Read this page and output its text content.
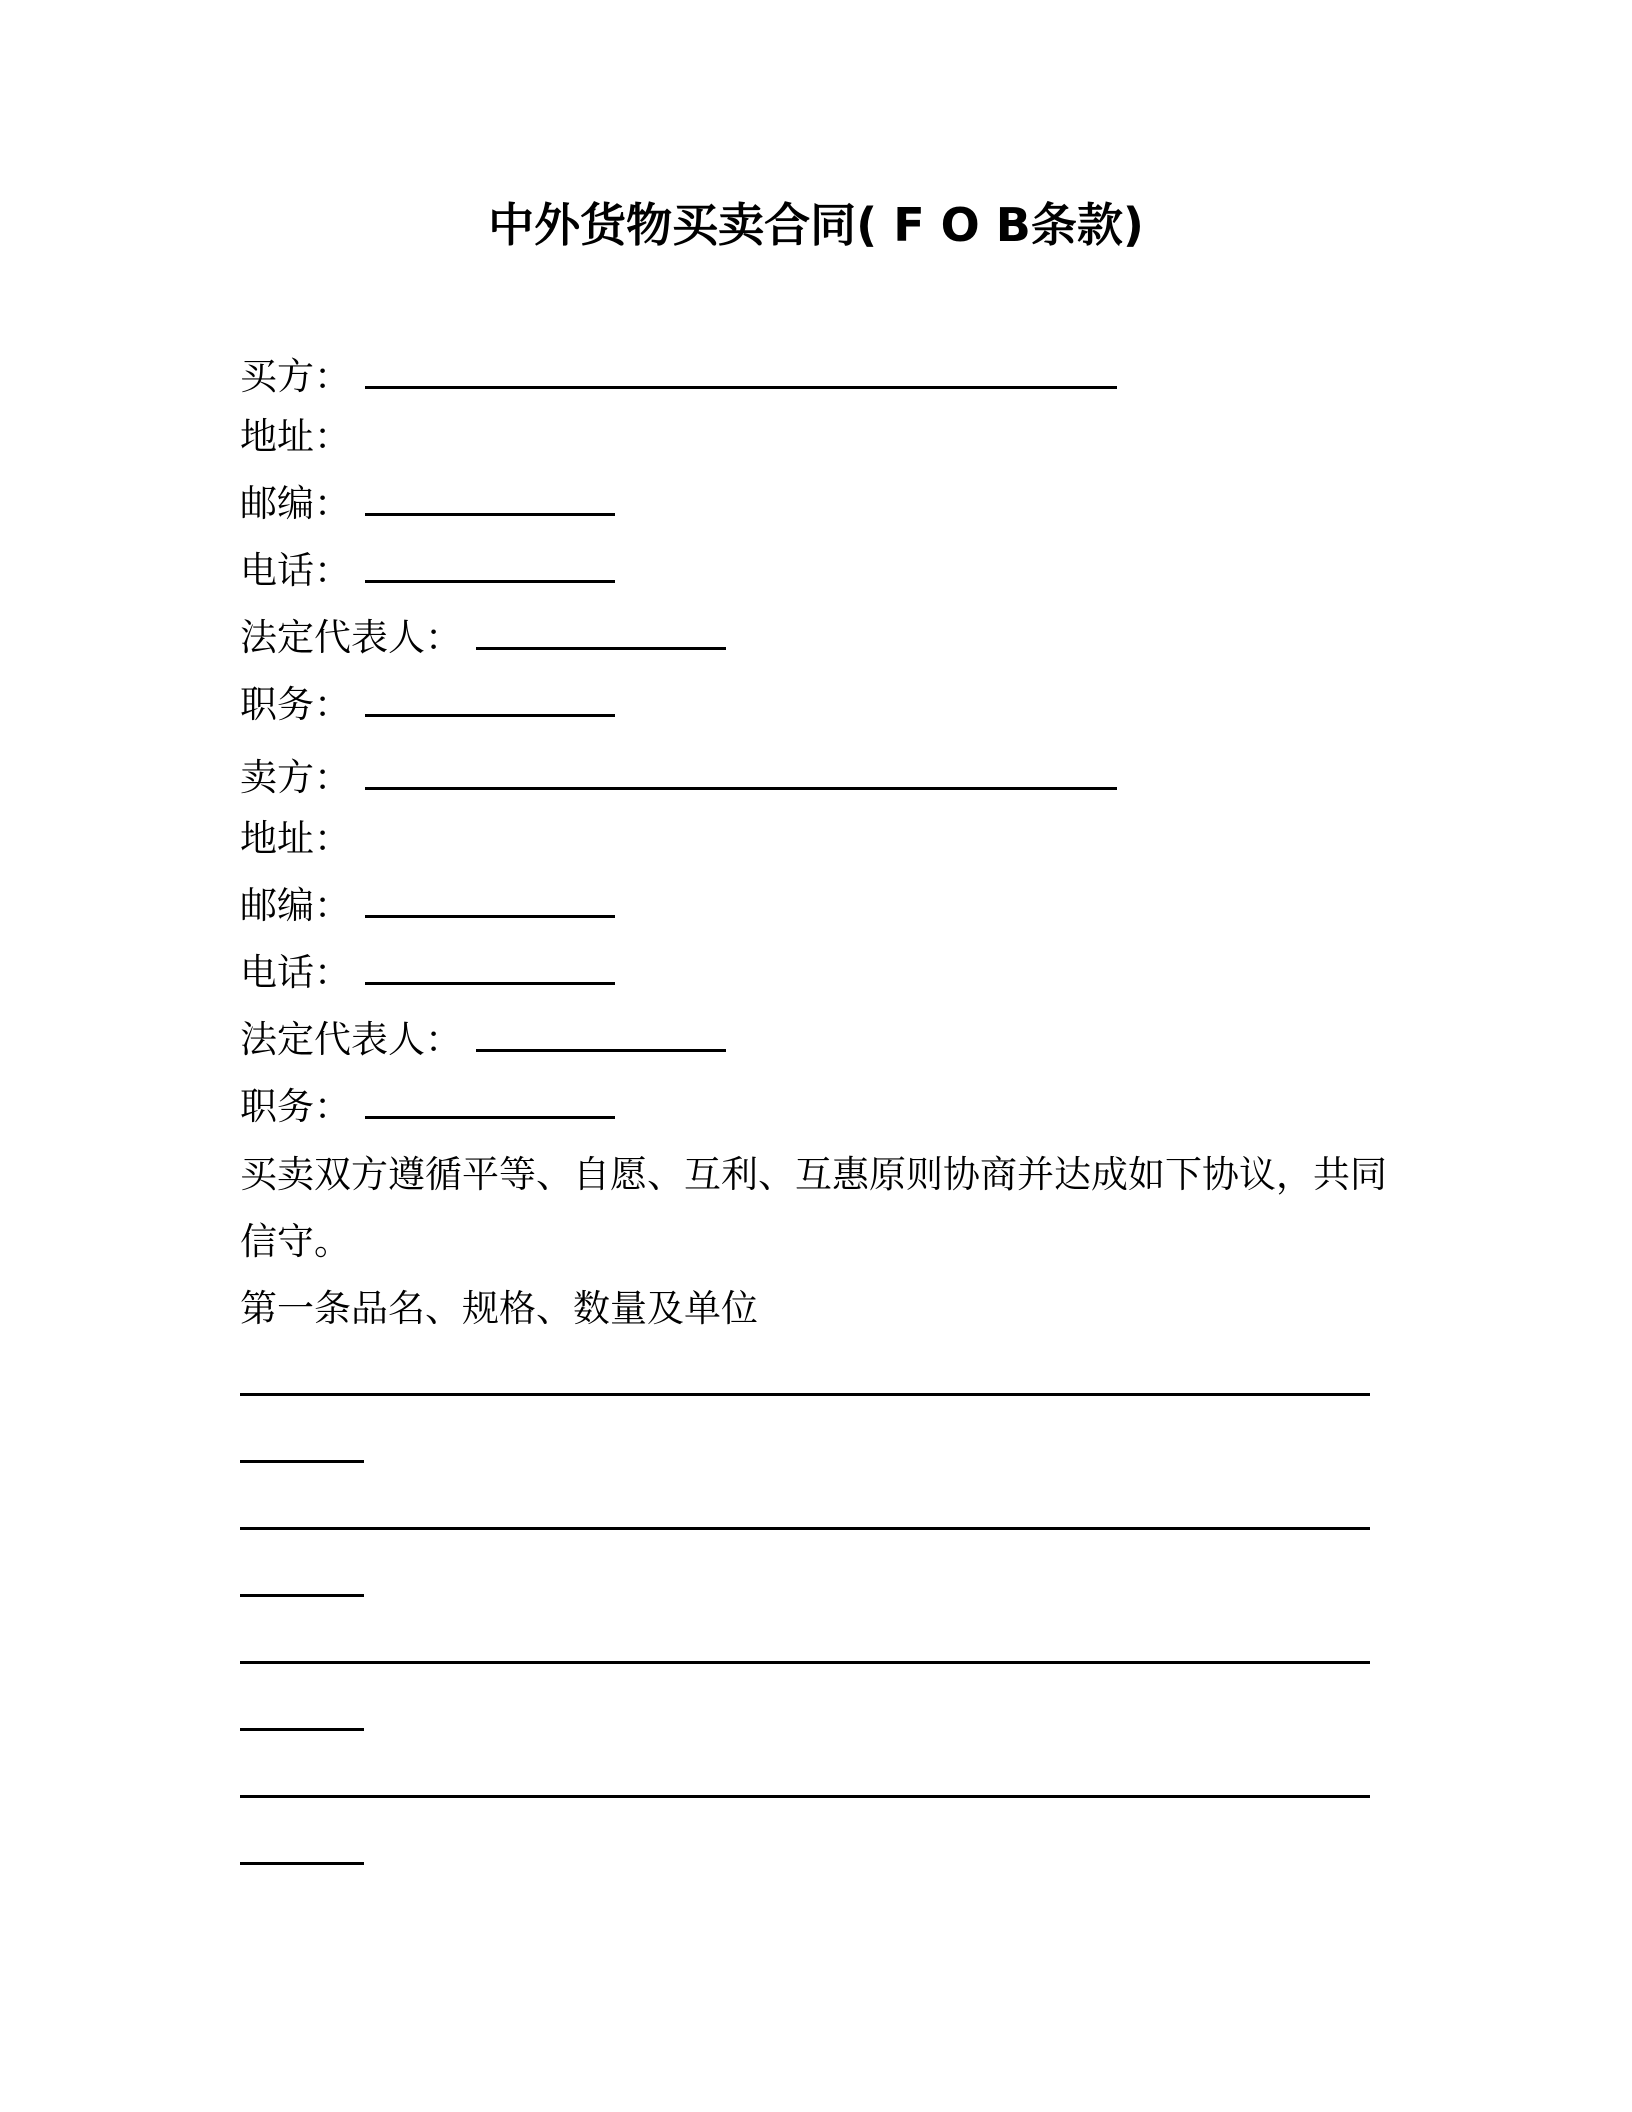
中外货物买卖合同( F O B条款)
买方：
地址：
邮编：
电话：
法定代表人：
职务：
卖方：
地址：
邮编：
电话：
法定代表人：
职务：
买卖双方遵循平等、自愿、互利、互惠原则协商并达成如下协议，共同信守。
第一条品名、规格、数量及单位
